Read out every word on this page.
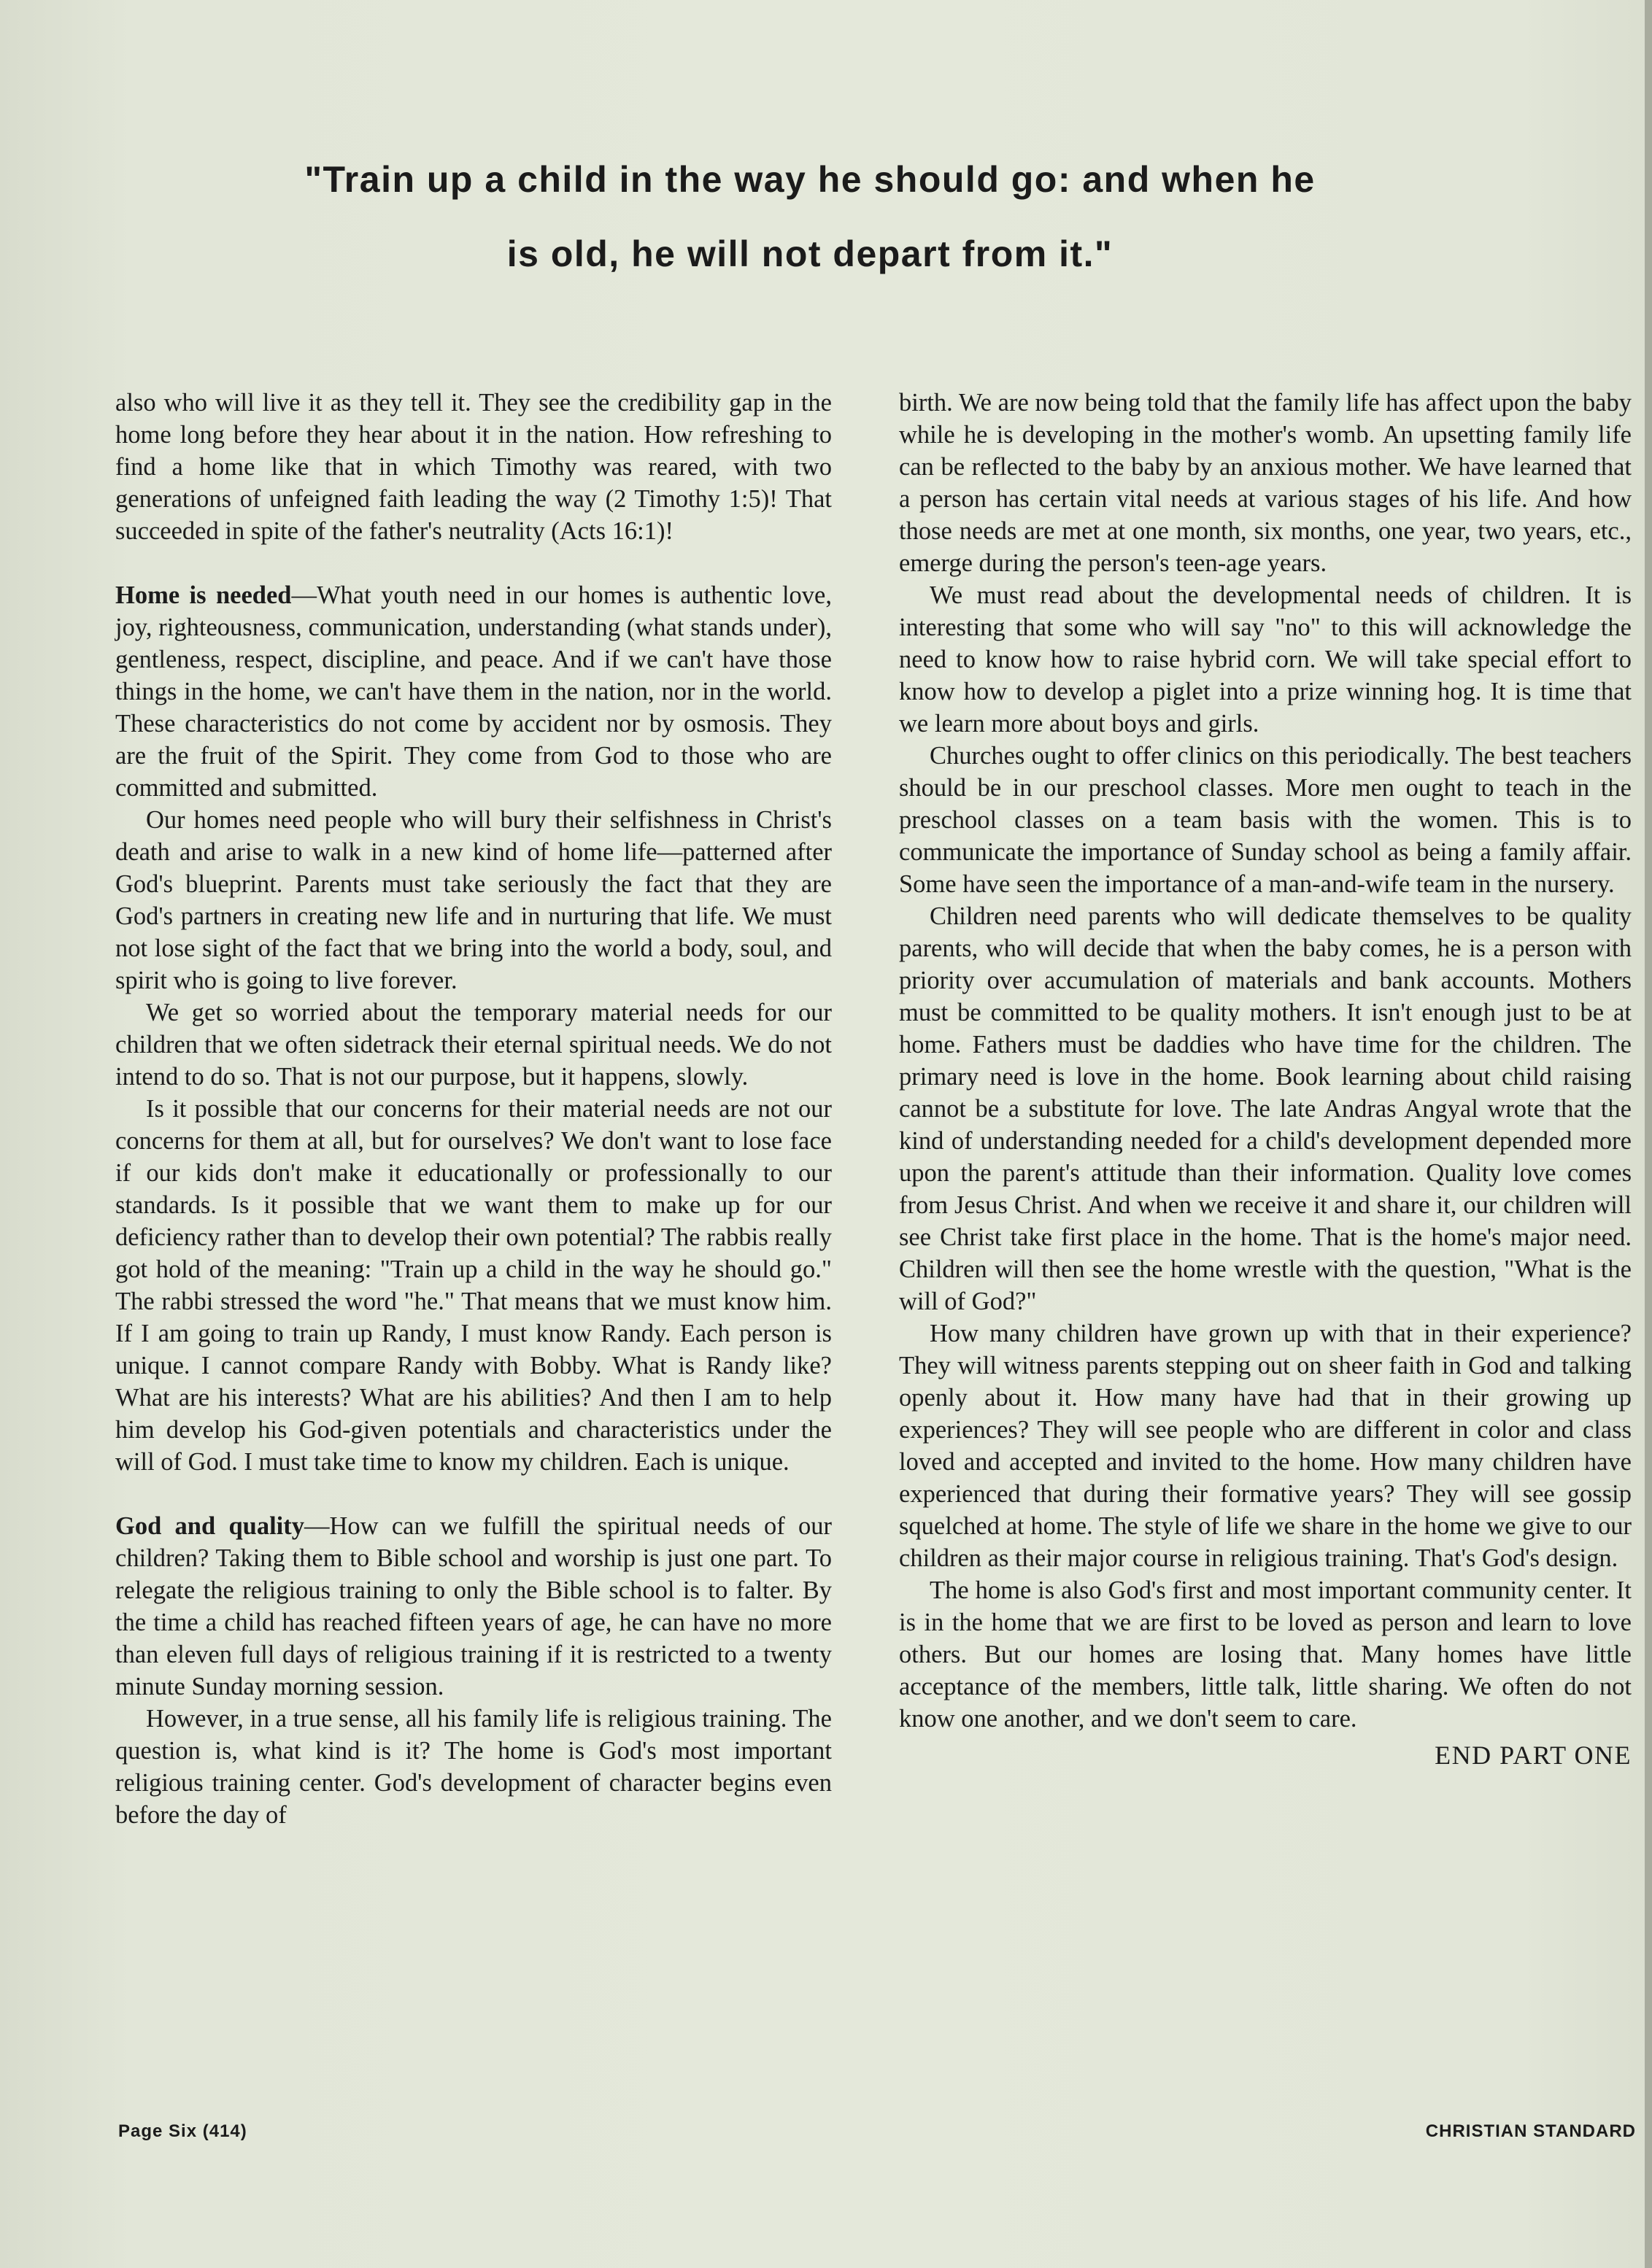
"Train up a child in the way he should go: and when he
is old, he will not depart from it."

also who will live it as they tell it. They see the credibility gap in the home long before they hear about it in the nation. How refreshing to find a home like that in which Timothy was reared, with two generations of unfeigned faith leading the way (2 Timothy 1:5)! That succeeded in spite of the father's neutrality (Acts 16:1)!

Home is needed—What youth need in our homes is authentic love, joy, righteousness, communication, understanding (what stands under), gentleness, respect, discipline, and peace. And if we can't have those things in the home, we can't have them in the nation, nor in the world. These characteristics do not come by accident nor by osmosis. They are the fruit of the Spirit. They come from God to those who are committed and submitted.

Our homes need people who will bury their selfishness in Christ's death and arise to walk in a new kind of home life—patterned after God's blueprint. Parents must take seriously the fact that they are God's partners in creating new life and in nurturing that life. We must not lose sight of the fact that we bring into the world a body, soul, and spirit who is going to live forever.

We get so worried about the temporary material needs for our children that we often sidetrack their eternal spiritual needs. We do not intend to do so. That is not our purpose, but it happens, slowly.

Is it possible that our concerns for their material needs are not our concerns for them at all, but for ourselves? We don't want to lose face if our kids don't make it educationally or professionally to our standards. Is it possible that we want them to make up for our deficiency rather than to develop their own potential? The rabbis really got hold of the meaning: "Train up a child in the way he should go." The rabbi stressed the word "he." That means that we must know him. If I am going to train up Randy, I must know Randy. Each person is unique. I cannot compare Randy with Bobby. What is Randy like? What are his interests? What are his abilities? And then I am to help him develop his God-given potentials and characteristics under the will of God. I must take time to know my children. Each is unique.

God and quality—How can we fulfill the spiritual needs of our children? Taking them to Bible school and worship is just one part. To relegate the religious training to only the Bible school is to falter. By the time a child has reached fifteen years of age, he can have no more than eleven full days of religious training if it is restricted to a twenty minute Sunday morning session.

However, in a true sense, all his family life is religious training. The question is, what kind is it? The home is God's most important religious training center. God's development of character begins even before the day of

birth. We are now being told that the family life has affect upon the baby while he is developing in the mother's womb. An upsetting family life can be reflected to the baby by an anxious mother. We have learned that a person has certain vital needs at various stages of his life. And how those needs are met at one month, six months, one year, two years, etc., emerge during the person's teen-age years.

We must read about the developmental needs of children. It is interesting that some who will say "no" to this will acknowledge the need to know how to raise hybrid corn. We will take special effort to know how to develop a piglet into a prize winning hog. It is time that we learn more about boys and girls.

Churches ought to offer clinics on this periodically. The best teachers should be in our preschool classes. More men ought to teach in the preschool classes on a team basis with the women. This is to communicate the importance of Sunday school as being a family affair. Some have seen the importance of a man-and-wife team in the nursery.

Children need parents who will dedicate themselves to be quality parents, who will decide that when the baby comes, he is a person with priority over accumulation of materials and bank accounts. Mothers must be committed to be quality mothers. It isn't enough just to be at home. Fathers must be daddies who have time for the children. The primary need is love in the home. Book learning about child raising cannot be a substitute for love. The late Andras Angyal wrote that the kind of understanding needed for a child's development depended more upon the parent's attitude than their information. Quality love comes from Jesus Christ. And when we receive it and share it, our children will see Christ take first place in the home. That is the home's major need. Children will then see the home wrestle with the question, "What is the will of God?"

How many children have grown up with that in their experience? They will witness parents stepping out on sheer faith in God and talking openly about it. How many have had that in their growing up experiences? They will see people who are different in color and class loved and accepted and invited to the home. How many children have experienced that during their formative years? They will see gossip squelched at home. The style of life we share in the home we give to our children as their major course in religious training. That's God's design.

The home is also God's first and most important community center. It is in the home that we are first to be loved as person and learn to love others. But our homes are losing that. Many homes have little acceptance of the members, little talk, little sharing. We often do not know one another, and we don't seem to care.

END PART ONE
Page Six (414)	CHRISTIAN STANDARD
